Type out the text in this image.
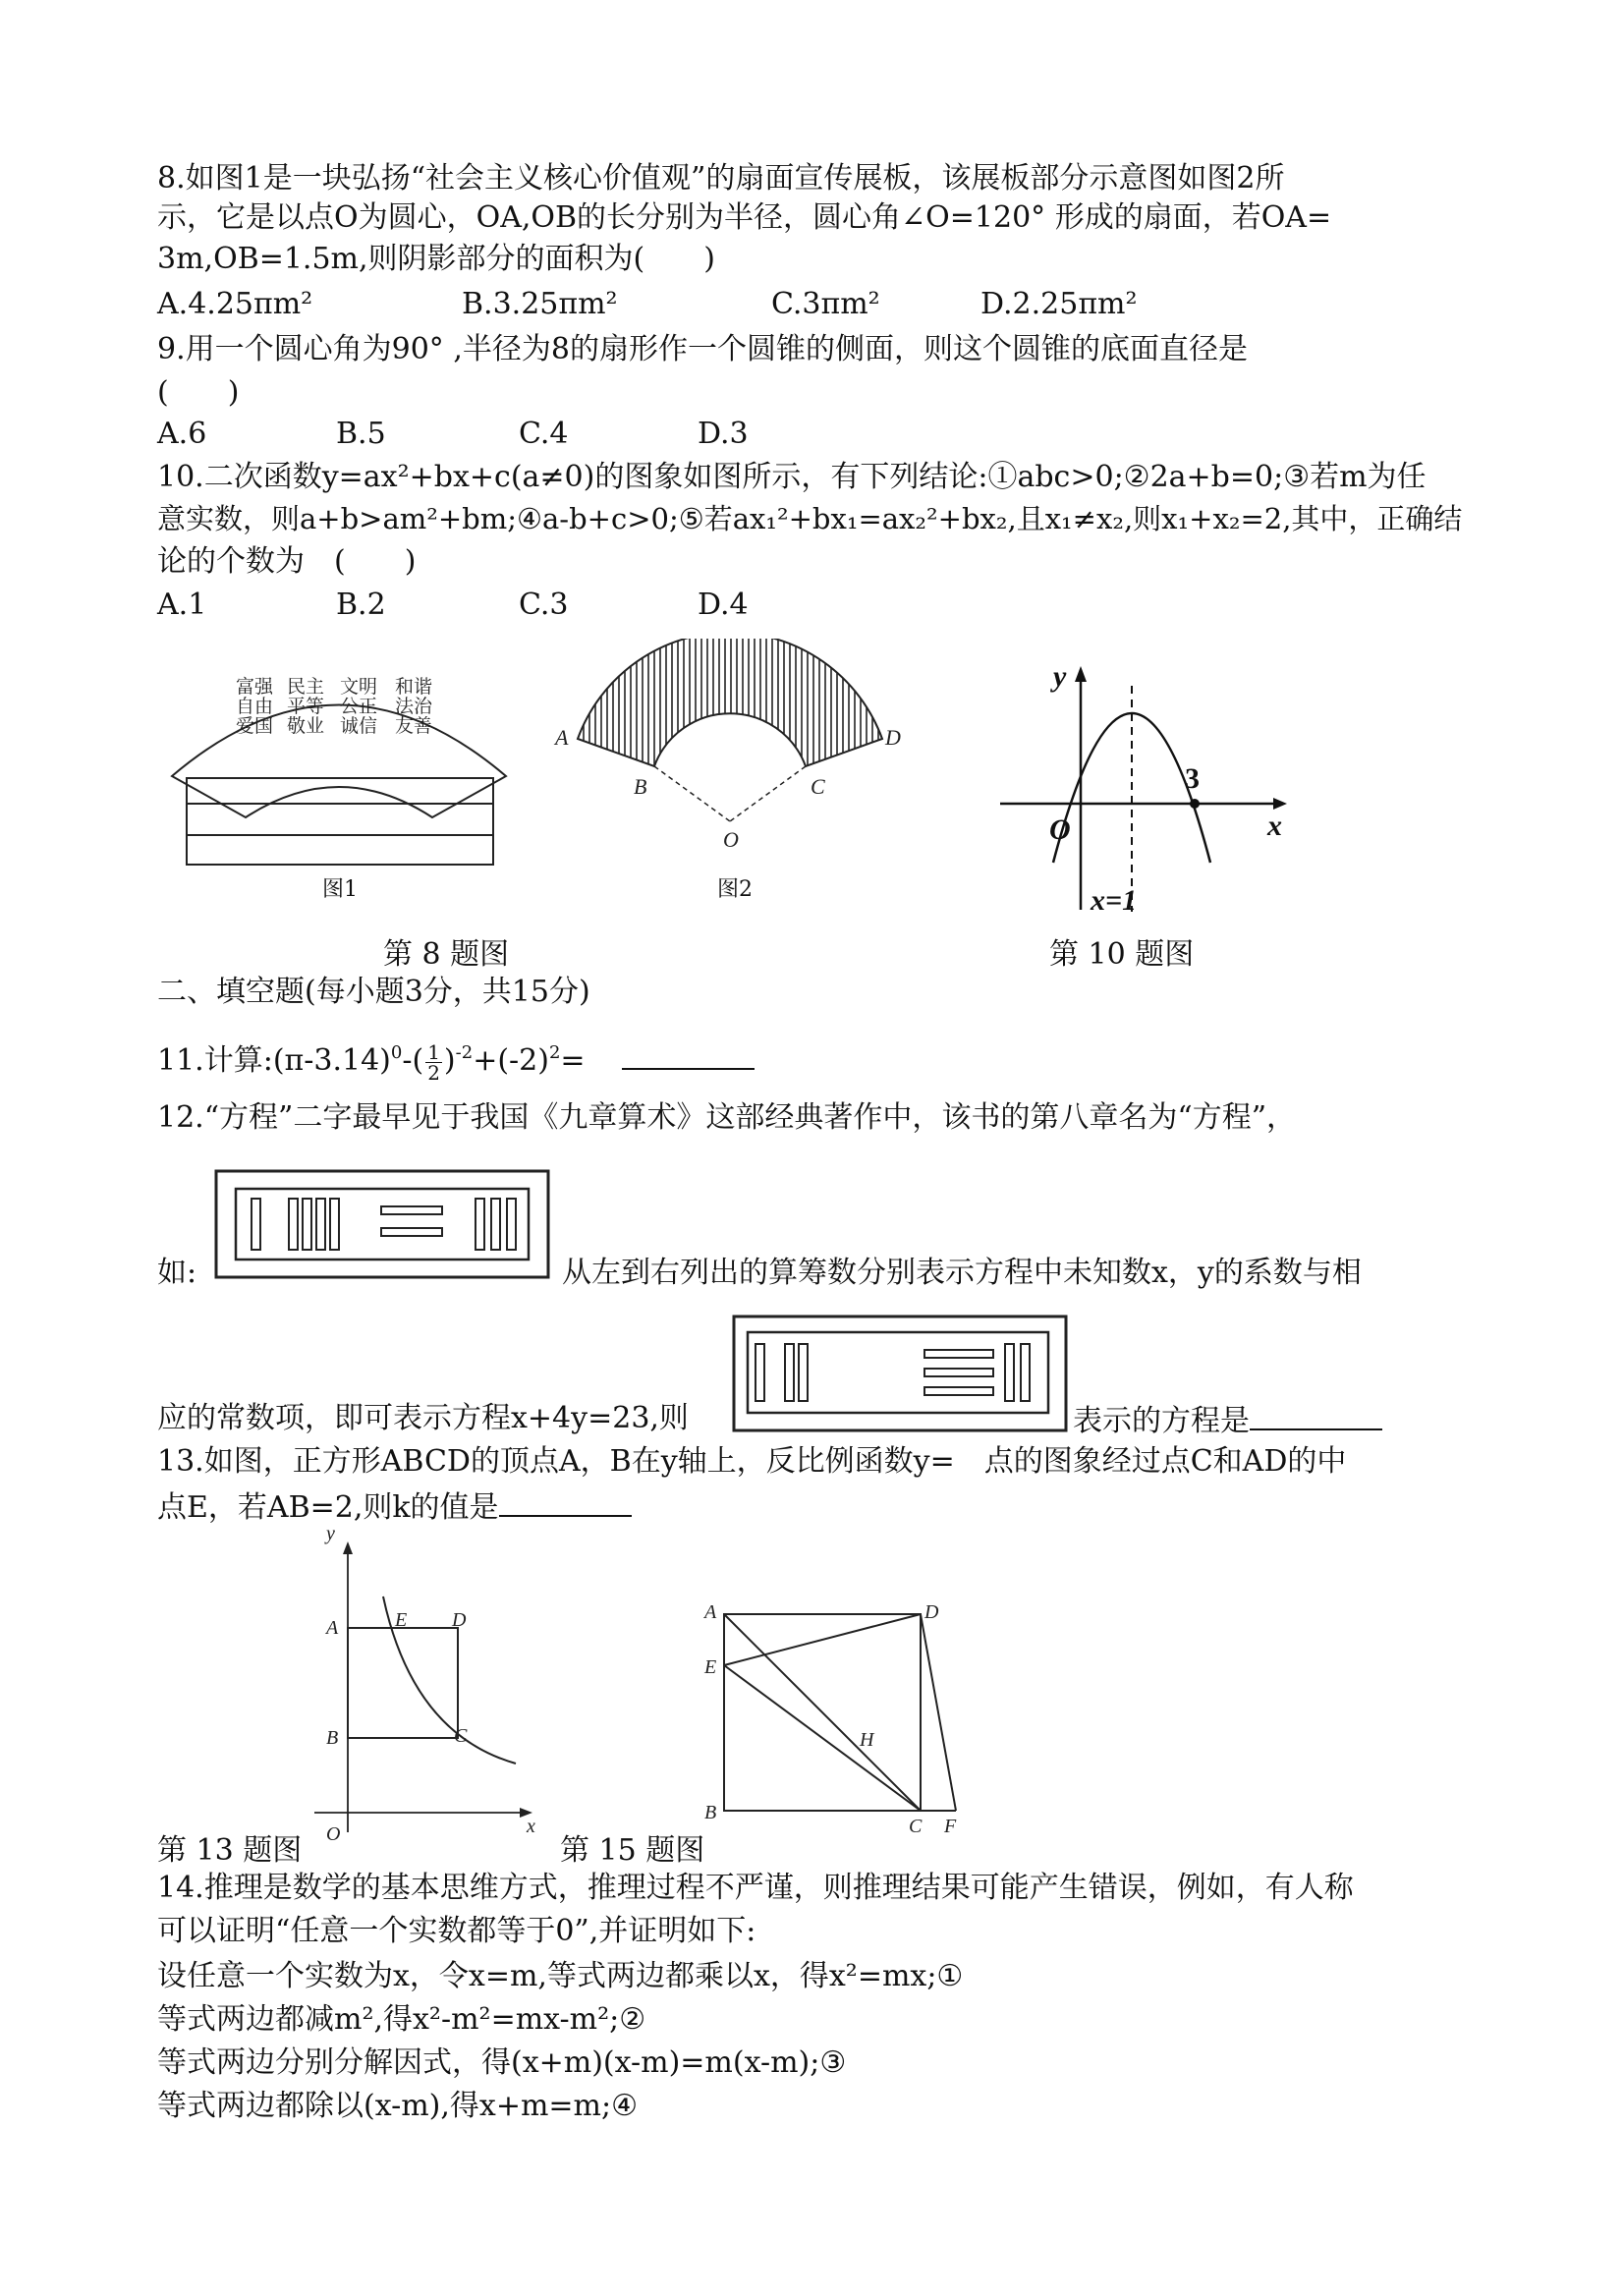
8.如图1是一块弘扬“社会主义核心价值观”的扇面宣传展板，该展板部分示意图如图2所
示，它是以点O为圆心，OA,OB的长分别为半径，圆心角∠O=120° 形成的扇面，若OA=
3m,OB=1.5m,则阴影部分的面积为(　　)
A.4.25πm²	B.3.25πm²	C.3πm²	D.2.25πm²
9.用一个圆心角为90° ,半径为8的扇形作一个圆锥的侧面，则这个圆锥的底面直径是
(　　)
A.6	B.5	C.4	D.3
10.二次函数y=ax²+bx+c(a≠0)的图象如图所示，有下列结论:①abc>0;②2a+b=0;③若m为任
意实数，则a+b>am²+bm;④a-b+c>0;⑤若ax₁²+bx₁=ax₂²+bx₂,且x₁≠x₂,则x₁+x₂=2,其中，正确结
论的个数为　(　　)
A.1	B.2	C.3	D.4
富强 民主 文明 和谐
自由 平等 公正 法治
爱国 敬业 诚信 友善
图1
A
B	C
D
O
图2
第 8 题图
y
x
O
3
x=1
第 10 题图
二、填空题(每小题3分，共15分)
11.计算$:(\pi-3.14)^0-( \frac{1}{2} )^{-2}+(-2)^2=$
12.“方程”二字最早见于我国《九章算术》这部经典著作中，该书的第八章名为“方程”，
如:	从左到右列出的算筹数分别表示方程中未知数x，y的系数与相
应的常数项，即可表示方程x+4y=23,则	表示的方程是
13.如图，正方形ABCD的顶点A，B在y轴上，反比例函数y=　点的图象经过点C和AD的中
点E，若AB=2,则k的值是
y
x
O
A
B
D
E
C
第 13 题图
A	D
E
H
B
C F
第 15 题图
14.推理是数学的基本思维方式，推理过程不严谨，则推理结果可能产生错误，例如，有人称
可以证明“任意一个实数都等于0”,并证明如下:
设任意一个实数为x，令x=m,等式两边都乘以x，得x²=mx;①
等式两边都减m²,得x²-m²=mx-m²;②
等式两边分别分解因式，得(x+m)(x-m)=m(x-m);③
等式两边都除以(x-m),得x+m=m;④
